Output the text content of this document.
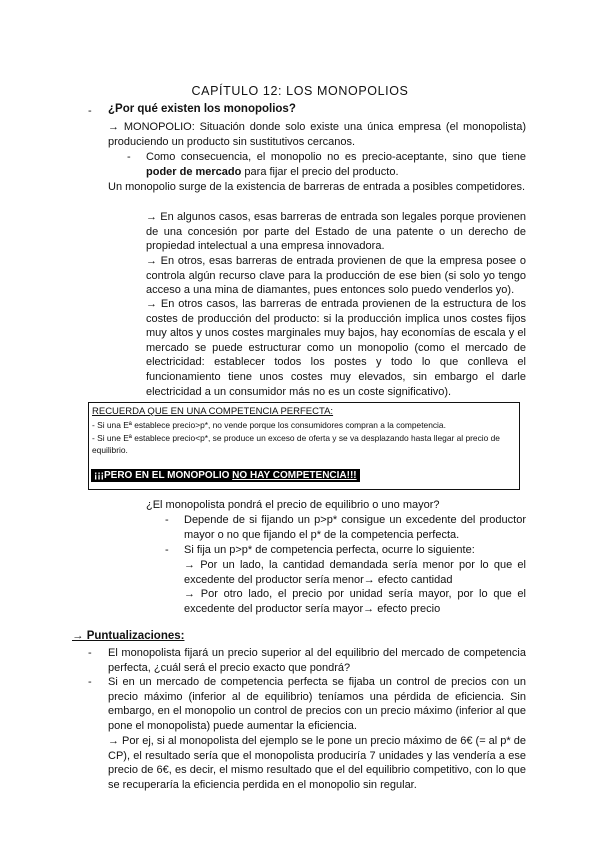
CAPÍTULO 12: LOS MONOPOLIOS
- ¿Por qué existen los monopolios?
→ MONOPOLIO: Situación donde solo existe una única empresa (el monopolista) produciendo un producto sin sustitutivos cercanos.
- Como consecuencia, el monopolio no es precio-aceptante, sino que tiene poder de mercado para fijar el precio del producto.
Un monopolio surge de la existencia de barreras de entrada a posibles competidores.
→ En algunos casos, esas barreras de entrada son legales porque provienen de una concesión por parte del Estado de una patente o un derecho de propiedad intelectual a una empresa innovadora.
→ En otros, esas barreras de entrada provienen de que la empresa posee o controla algún recurso clave para la producción de ese bien (si solo yo tengo acceso a una mina de diamantes, pues entonces solo puedo venderlos yo).
→ En otros casos, las barreras de entrada provienen de la estructura de los costes de producción del producto: si la producción implica unos costes fijos muy altos y unos costes marginales muy bajos, hay economías de escala y el mercado se puede estructurar como un monopolio (como el mercado de electricidad: establecer todos los postes y todo lo que conlleva el funcionamiento tiene unos costes muy elevados, sin embargo el darle electricidad a un consumidor más no es un coste significativo).
RECUERDA QUE EN UNA COMPETENCIA PERFECTA:
- Si una Eª establece precio>p*, no vende porque los consumidores compran a la competencia.
- Si une Eª establece precio<p*, se produce un exceso de oferta y se va desplazando hasta llegar al precio de equilibrio.
¡¡¡PERO EN EL MONOPOLIO NO HAY COMPETENCIA!!!
¿El monopolista pondrá el precio de equilibrio o uno mayor?
- Depende de si fijando un p>p* consigue un excedente del productor mayor o no que fijando el p* de la competencia perfecta.
- Si fija un p>p* de competencia perfecta, ocurre lo siguiente:
→ Por un lado, la cantidad demandada sería menor por lo que el excedente del productor sería menor→ efecto cantidad
→ Por otro lado, el precio por unidad sería mayor, por lo que el excedente del productor sería mayor→ efecto precio
→ Puntualizaciones:
- El monopolista fijará un precio superior al del equilibrio del mercado de competencia perfecta, ¿cuál será el precio exacto que pondrá?
- Si en un mercado de competencia perfecta se fijaba un control de precios con un precio máximo (inferior al de equilibrio) teníamos una pérdida de eficiencia. Sin embargo, en el monopolio un control de precios con un precio máximo (inferior al que pone el monopolista) puede aumentar la eficiencia.
→ Por ej, si al monopolista del ejemplo se le pone un precio máximo de 6€ (= al p* de CP), el resultado sería que el monopolista produciría 7 unidades y las vendería a ese precio de 6€, es decir, el mismo resultado que el del equilibrio competitivo, con lo que se recuperaría la eficiencia perdida en el monopolio sin regular.
